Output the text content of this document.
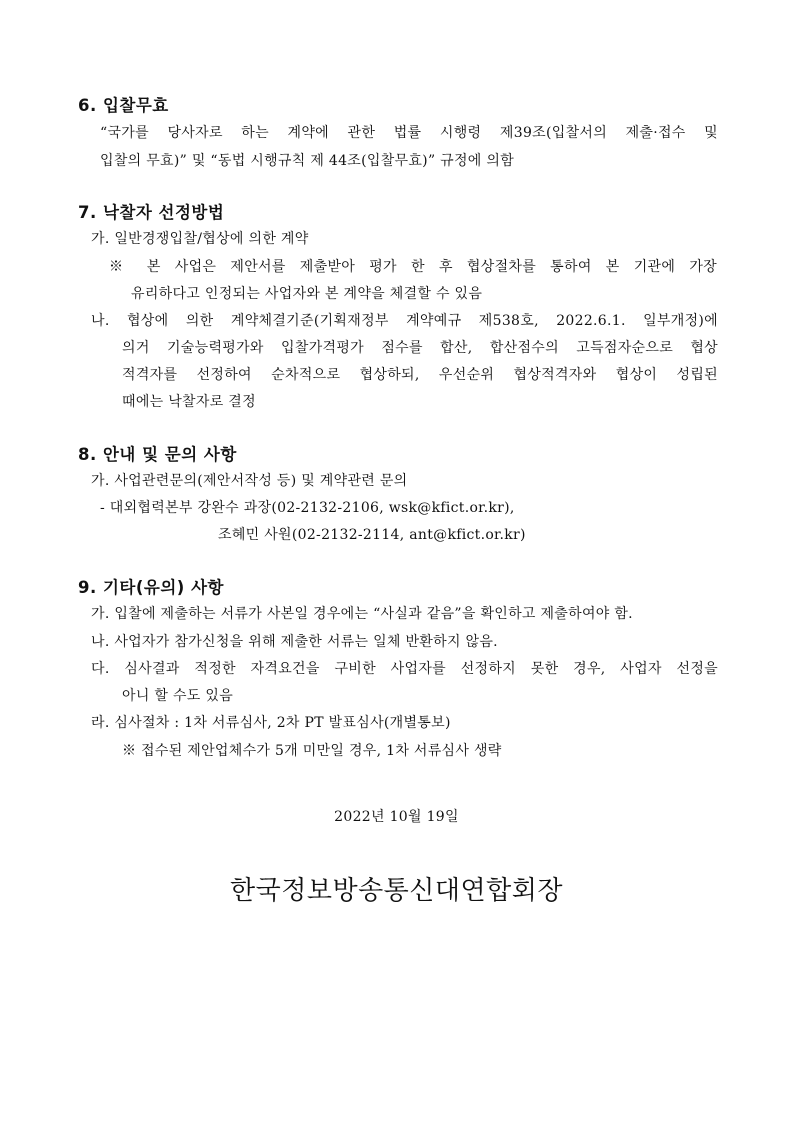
6. 입찰무효
“국가를 당사자로 하는 계약에 관한 법률 시행령 제39조(입찰서의 제출·접수 및
입찰의 무효)” 및 “동법 시행규칙 제 44조(입찰무효)” 규정에 의함
7. 낙찰자 선정방법
가. 일반경쟁입찰/협상에 의한 계약
※ 본 사업은 제안서를 제출받아 평가 한 후 협상절차를 통하여 본 기관에 가장
유리하다고 인정되는 사업자와 본 계약을 체결할 수 있음
나. 협상에 의한 계약체결기준(기획재정부 계약예규 제538호, 2022.6.1. 일부개정)에
의거 기술능력평가와 입찰가격평가 점수를 합산, 합산점수의 고득점자순으로 협상
적격자를 선정하여 순차적으로 협상하되, 우선순위 협상적격자와 협상이 성립된
때에는 낙찰자로 결정
8. 안내 및 문의 사항
가. 사업관련문의(제안서작성 등) 및 계약관련 문의
- 대외협력본부 강완수 과장(02-2132-2106, wsk@kfict.or.kr),
조혜민 사원(02-2132-2114, ant@kfict.or.kr)
9. 기타(유의) 사항
가. 입찰에 제출하는 서류가 사본일 경우에는 “사실과 같음”을 확인하고 제출하여야 함.
나. 사업자가 참가신청을 위해 제출한 서류는 일체 반환하지 않음.
다. 심사결과 적정한 자격요건을 구비한 사업자를 선정하지 못한 경우, 사업자 선정을
아니 할 수도 있음
라. 심사절차 : 1차 서류심사, 2차 PT 발표심사(개별통보)
※ 접수된 제안업체수가 5개 미만일 경우, 1차 서류심사 생략
2022년 10월 19일
한국정보방송통신대연합회장
